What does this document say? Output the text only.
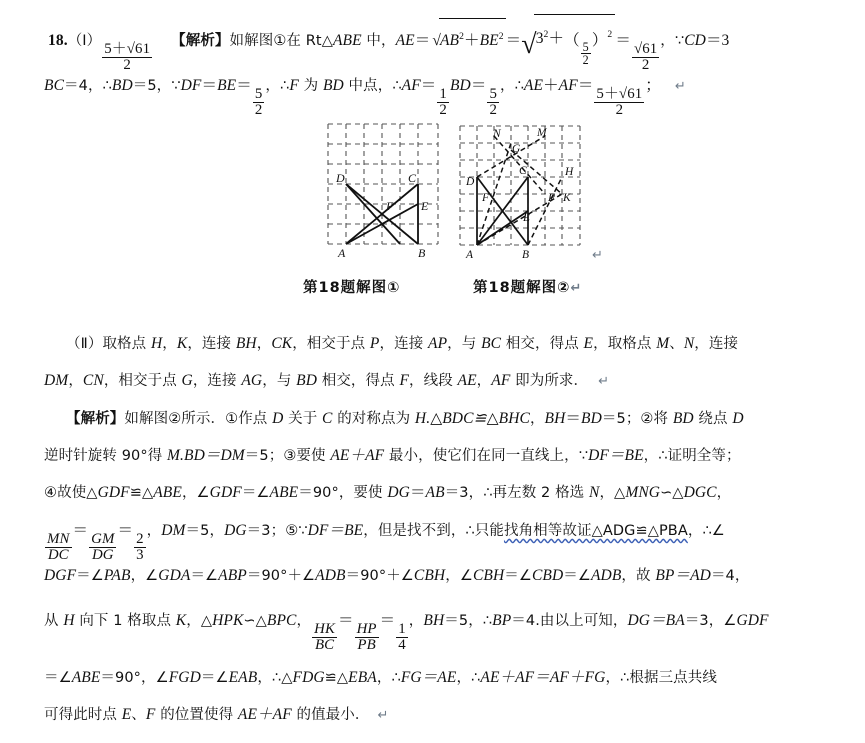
18.（Ⅰ）
$\frac{5+√61}{2}$
【解析】如解图①在 Rt△ABE 中，$AE= √AB^2+BE^2 =√3^2+$（
$\frac{5}{2}$
）$^2$ ＝
$\frac{√61}{2}$
，∵CD＝3
BC＝4，∴BD＝5，∵DF＝BE＝
$\frac{5}{2}$
，∴F 为 BD 中点，∴AF＝
$\frac{1}{2}$
BD＝
$\frac{5}{2}$
，∴AE＋AF＝
$\frac{5+√61}{2}$
； ↵
D	C
F E
A	B
N	M
G
C	H
D
F	P K
E
A	B	↵
第18题解图①	第18题解图②↵
（Ⅱ）取格点 H，K，连接 BH，CK，相交于点 P，连接 AP，与 BC 相交，得点 E，取格点 M、N，连接
DM，CN，相交于点 G，连接 AG，与 BD 相交，得点 F，线段 AE，AF 即为所求． ↵
【解析】如解图②所示．①作点 D 关于 C 的对称点为 H.△BDC≌△BHC，BH＝BD＝5；②将 BD 绕点 D
逆时针旋转 90°得 M.BD＝DM＝5；③要使 AE＋AF 最小，使它们在同一直线上，∵DF＝BE，∴证明全等；
④故使△GDF≌△ABE，∠GDF＝∠ABE＝90°，要使 DG＝AB＝3，∴再左数 2 格选 N，△MNG∽△DGC，
$\frac{MN}{DC}$
＝
$\frac{GM}{DG}$
＝
$\frac{2}{3}$
，DM＝5，DG＝3；⑤∵DF＝BE，但是找不到，∴只能找角相等故证△ADG≌△PBA，∴∠
DGF＝∠PAB，∠GDA＝∠ABP＝90°＋∠ADB＝90°＋∠CBH，∠CBH＝∠CBD＝∠ADB，故 BP＝AD＝4，
从 H 向下 1 格取点 K，△HPK∽△BPC，
$\frac{HK}{BC}$
＝
$\frac{HP}{PB}$
＝
$\frac{1}{4}$
，BH＝5，∴BP＝4.由以上可知，DG＝BA＝3，∠GDF
＝∠ABE＝90°，∠FGD＝∠EAB，∴△FDG≌△EBA，∴FG＝AE，∴AE＋AF＝AF＋FG，∴根据三点共线
可得此时点 E、F 的位置使得 AE＋AF 的值最小． ↵
